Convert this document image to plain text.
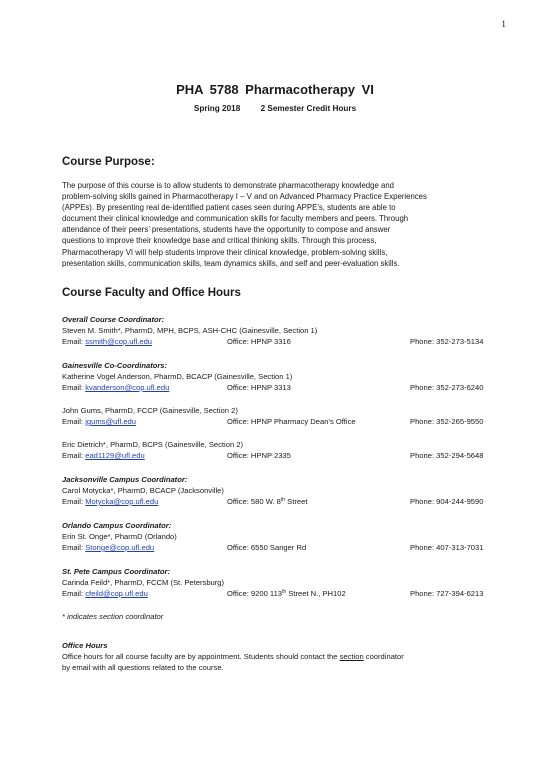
1
PHA 5788 Pharmacotherapy VI
Spring 2018 2 Semester Credit Hours
Course Purpose:
The purpose of this course is to allow students to demonstrate pharmacotherapy knowledge and
problem-solving skills gained in Pharmacotherapy I – V and on Advanced Pharmacy Practice Experiences
(APPEs). By presenting real de-identified patient cases seen during APPE’s, students are able to
document their clinical knowledge and communication skills for faculty members and peers. Through
attendance of their peers’ presentations, students have the opportunity to compose and answer
questions to improve their knowledge base and critical thinking skills. Through this process,
Pharmacotherapy VI will help students improve their clinical knowledge, problem-solving skills,
presentation skills, communication skills, team dynamics skills, and self and peer-evaluation skills.
Course Faculty and Office Hours
Overall Course Coordinator:
Steven M. Smith*, PharmD, MPH, BCPS, ASH-CHC (Gainesville, Section 1)
Email: ssmith@cop.ufl.edu	Office: HPNP 3316	Phone: 352-273-5134
Gainesville Co-Coordinators:
Katherine Vogel Anderson, PharmD, BCACP (Gainesville, Section 1)
Email: kvanderson@cop.ufl.edu	Office: HPNP 3313	Phone: 352-273-6240
John Gums, PharmD, FCCP (Gainesville, Section 2)
Email: jgums@ufl.edu	Office: HPNP Pharmacy Dean’s Office	Phone: 352-265-9550
Eric Dietrich*, PharmD, BCPS (Gainesville, Section 2)
Email: ead1129@ufl.edu	Office: HPNP 2335	Phone: 352-294-5648
Jacksonville Campus Coordinator:
Carol Motycka*, PharmD, BCACP (Jacksonville)
Email: Motycka@cop.ufl.edu	Office: 580 W. 8th Street	Phone: 904-244-9590
Orlando Campus Coordinator:
Erin St. Onge*, PharmD (Orlando)
Email: Stonge@cop.ufl.edu	Office: 6550 Sanger Rd	Phone: 407-313-7031
St. Pete Campus Coordinator:
Carinda Feild*, PharmD, FCCM (St. Petersburg)
Email: cfeild@cop.ufl.edu	Office: 9200 113th Street N., PH102	Phone: 727-394-6213
* indicates section coordinator
Office Hours
Office hours for all course faculty are by appointment. Students should contact the section coordinator
by email with all questions related to the course.
